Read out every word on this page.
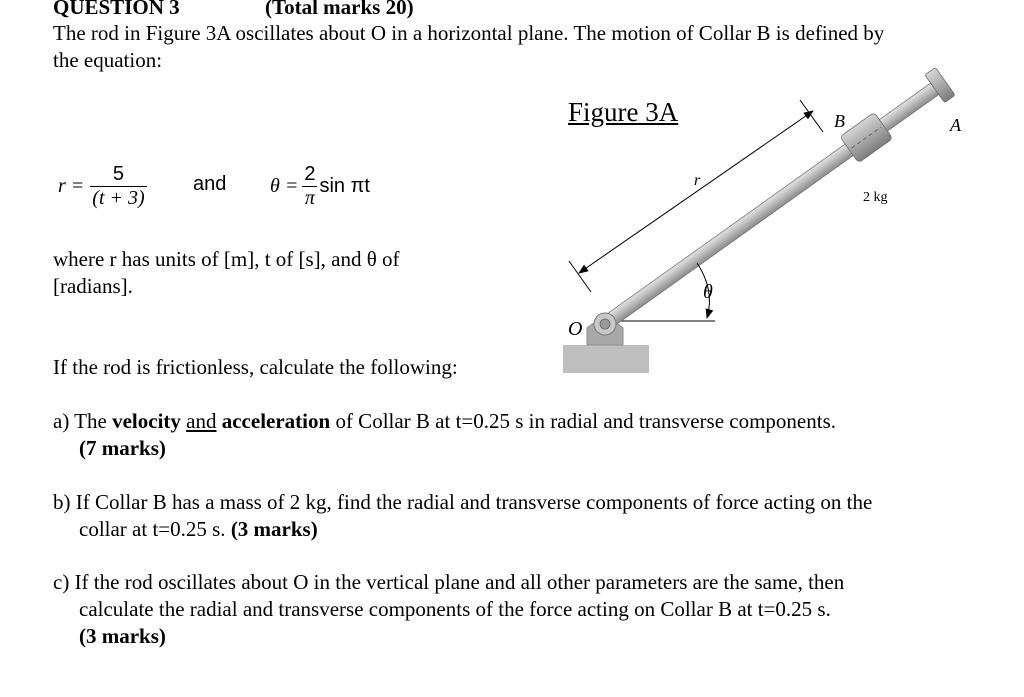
QUESTION 3	(Total marks 20)
The rod in Figure 3A oscillates about O in a horizontal plane. The motion of Collar B is defined by
the equation:
$r = \frac{5}{(t + 3)}$ and $\theta = \frac{2}{\pi}$ sin πt
where r has units of [m], t of [s], and θ of
[radians].
Figure 3A	B	A
r
2 kg
θ
O
If the rod is frictionless, calculate the following:
a) The velocity and acceleration of Collar B at t=0.25 s in radial and transverse components.
(7 marks)
b) If Collar B has a mass of 2 kg, find the radial and transverse components of force acting on the
collar at t=0.25 s. (3 marks)
c) If the rod oscillates about O in the vertical plane and all other parameters are the same, then
calculate the radial and transverse components of the force acting on Collar B at t=0.25 s.
(3 marks)
